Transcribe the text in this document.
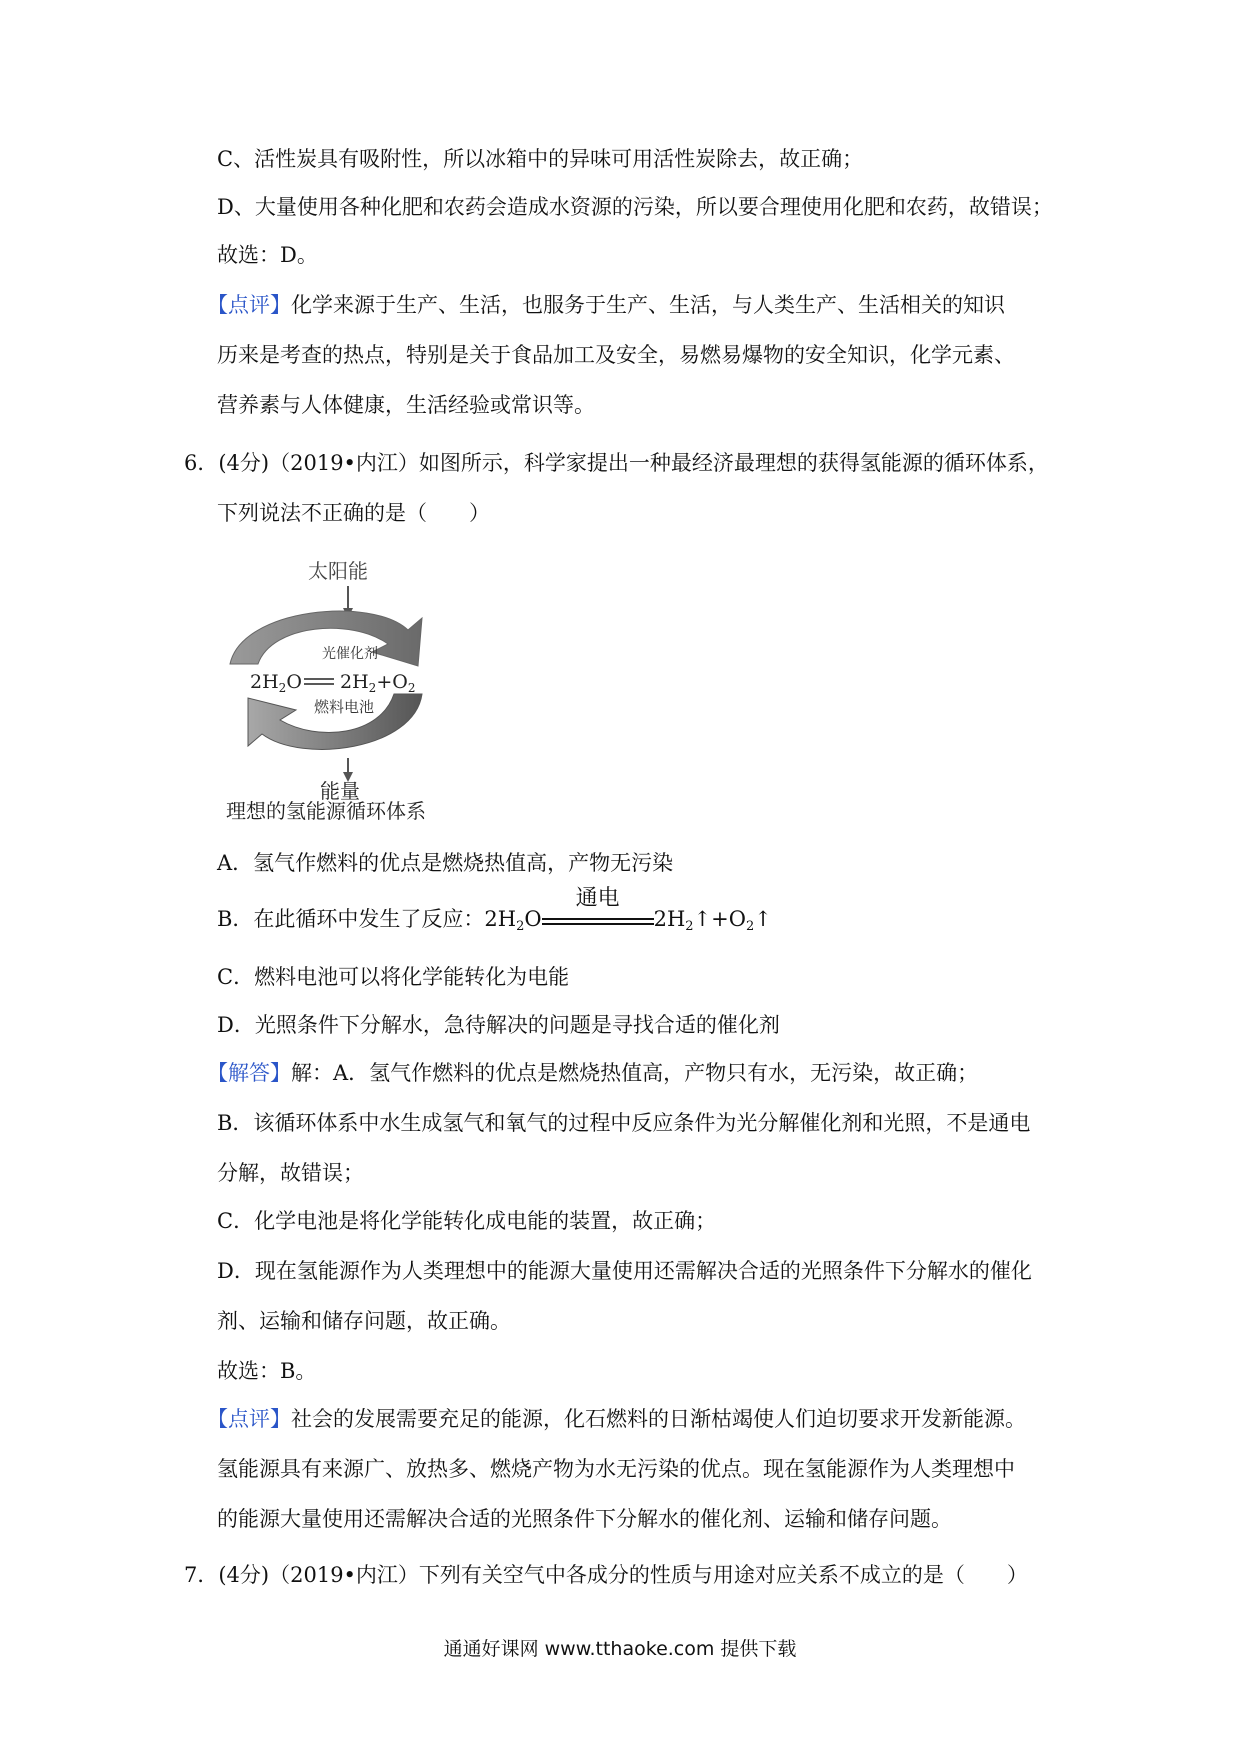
C、活性炭具有吸附性，所以冰箱中的异味可用活性炭除去，故正确；
D、大量使用各种化肥和农药会造成水资源的污染，所以要合理使用化肥和农药，故错误；
故选：D。
【点评】化学来源于生产、生活，也服务于生产、生活，与人类生产、生活相关的知识
历来是考查的热点，特别是关于食品加工及安全，易燃易爆物的安全知识，化学元素、
营养素与人体健康，生活经验或常识等。
6．(4分)（2019•内江）如图所示，科学家提出一种最经济最理想的获得氢能源的循环体系，
下列说法不正确的是（　　）
太阳能
光催化剂
$2H_2O$ $2H_2+O_2$
燃料电池
能量
理想的氢能源循环体系
A．氢气作燃料的优点是燃烧热值高，产物无污染
B．在此循环中发生了反应：$2H_2O$
通电
$2H_2↑+O_2↑$
C．燃料电池可以将化学能转化为电能
D．光照条件下分解水，急待解决的问题是寻找合适的催化剂
【解答】解：A．氢气作燃料的优点是燃烧热值高，产物只有水，无污染，故正确；
B．该循环体系中水生成氢气和氧气的过程中反应条件为光分解催化剂和光照，不是通电
分解，故错误；
C．化学电池是将化学能转化成电能的装置，故正确；
D．现在氢能源作为人类理想中的能源大量使用还需解决合适的光照条件下分解水的催化
剂、运输和储存问题，故正确。
故选：B。
【点评】社会的发展需要充足的能源，化石燃料的日渐枯竭使人们迫切要求开发新能源。
氢能源具有来源广、放热多、燃烧产物为水无污染的优点。现在氢能源作为人类理想中
的能源大量使用还需解决合适的光照条件下分解水的催化剂、运输和储存问题。
7．(4分)（2019•内江）下列有关空气中各成分的性质与用途对应关系不成立的是（　　）
通通好课网 www.tthaoke.com 提供下载
